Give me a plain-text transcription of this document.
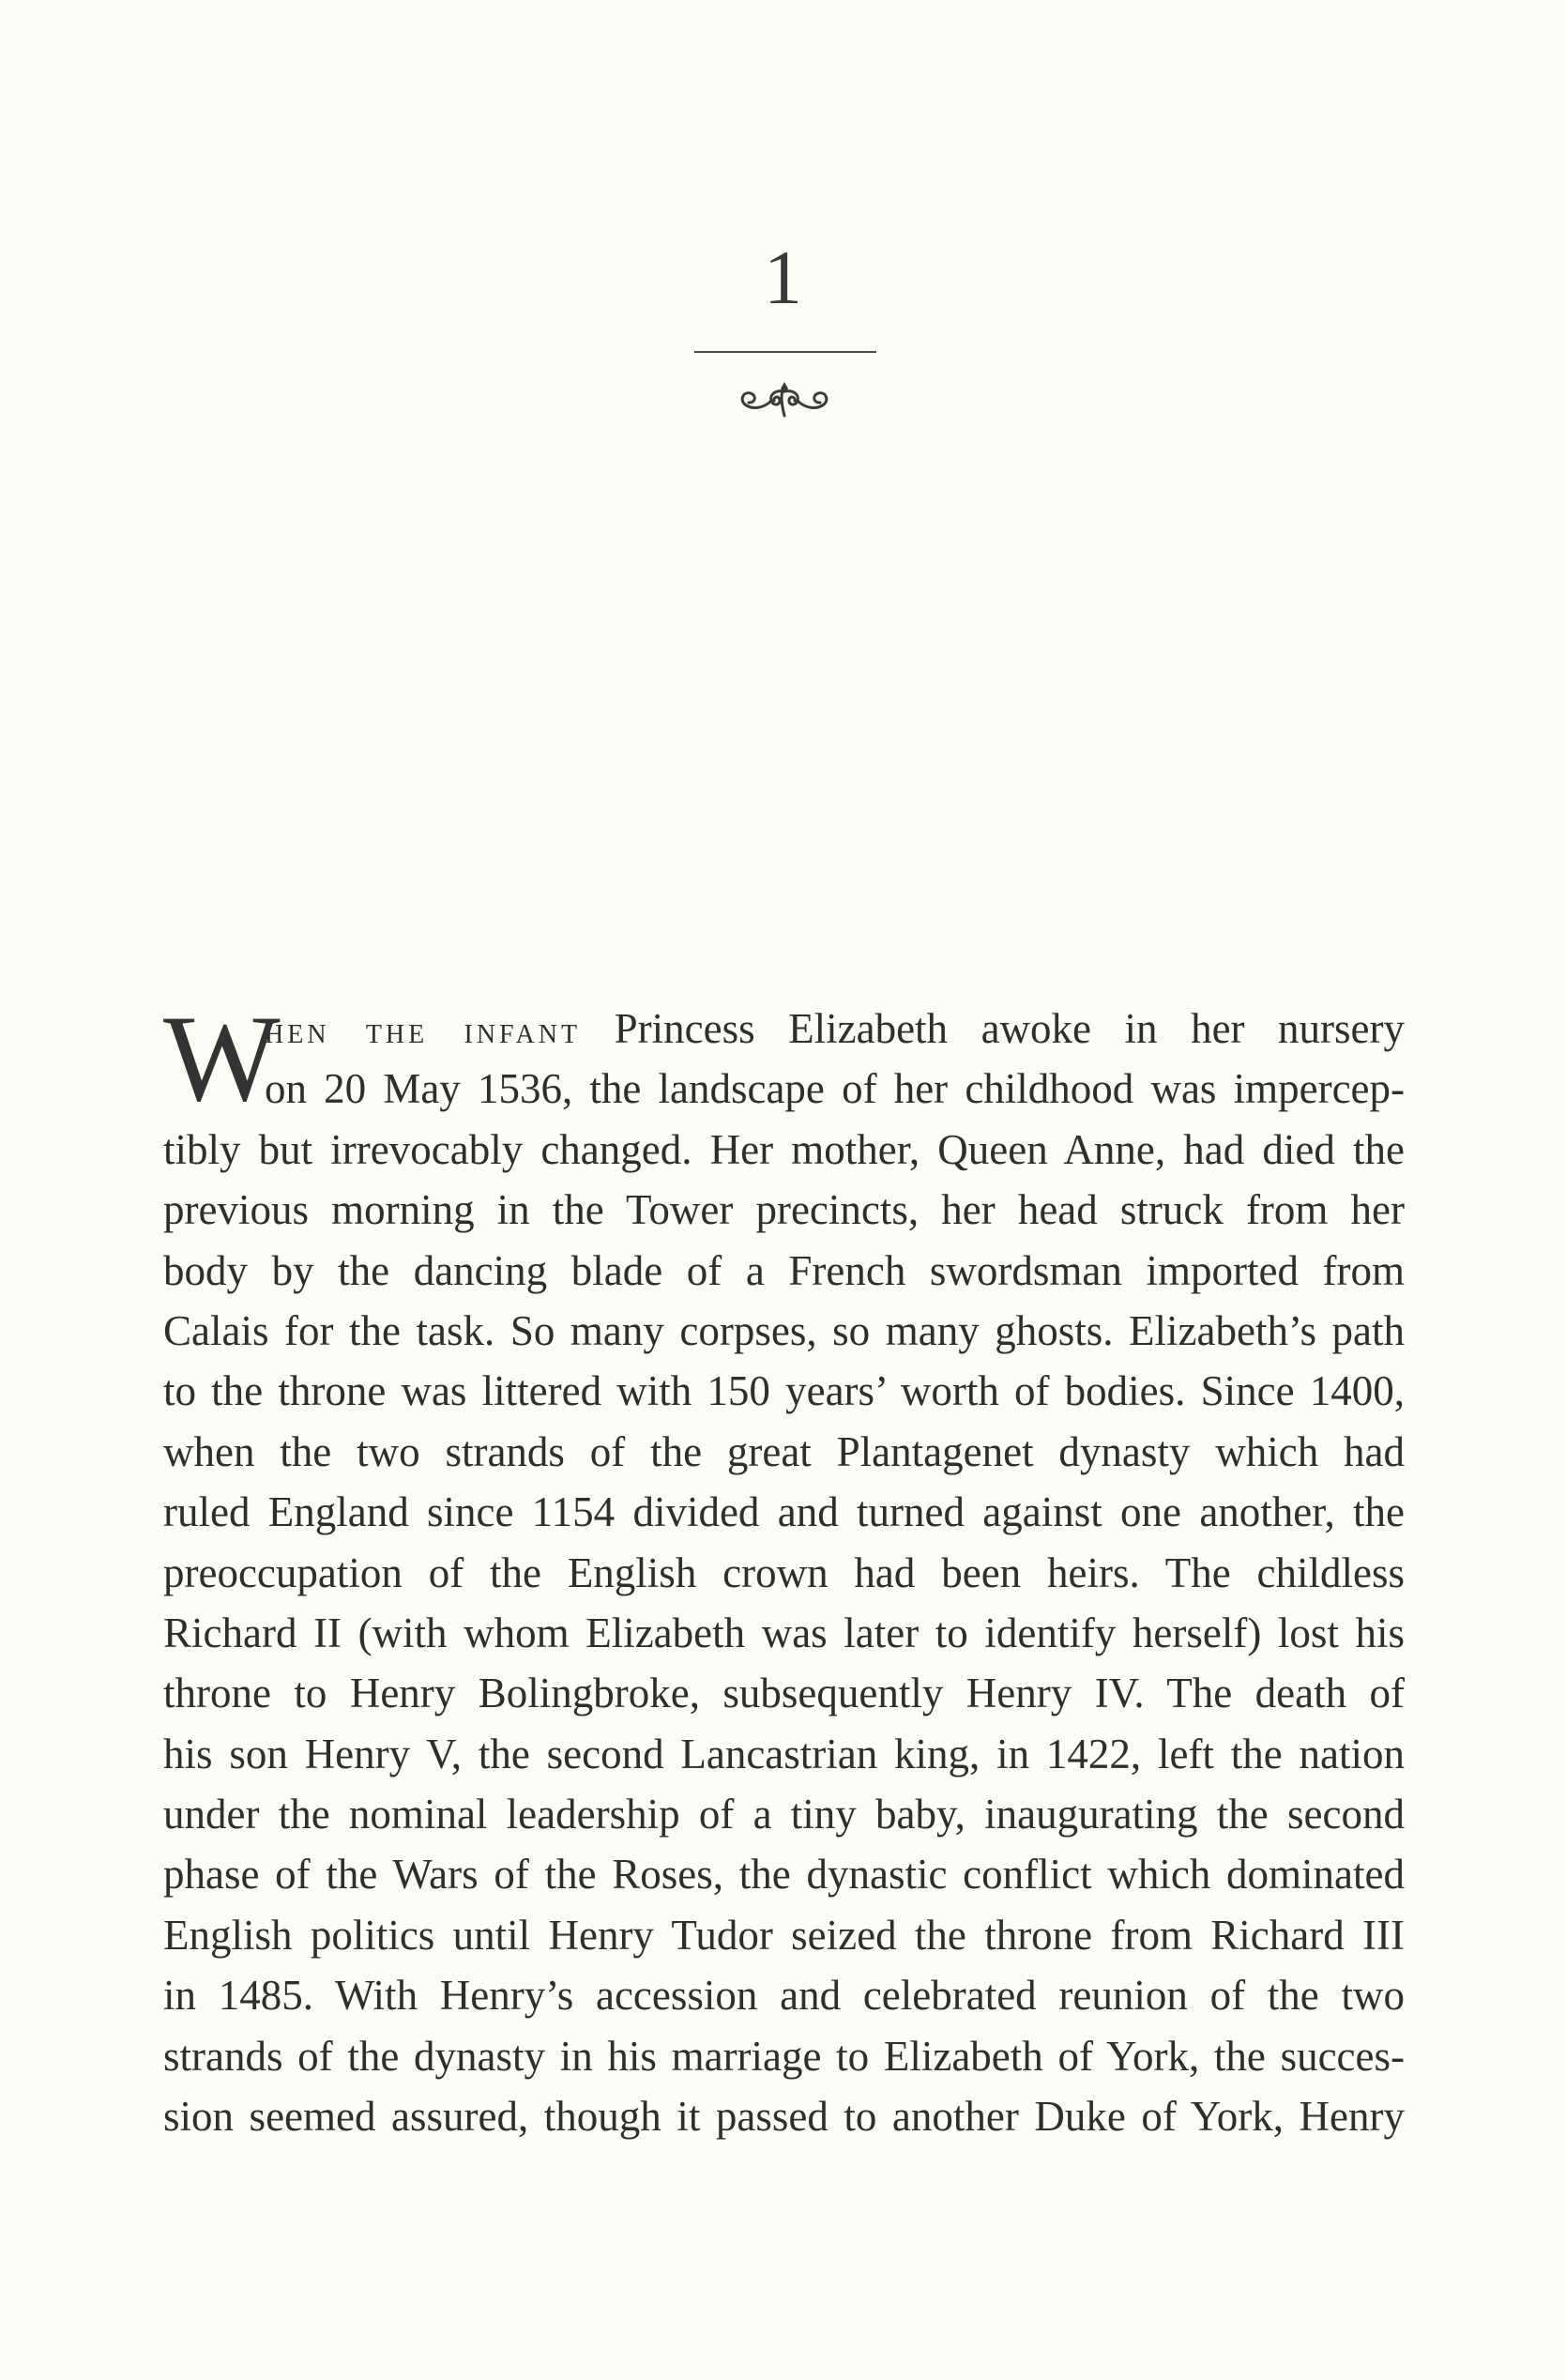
1
W
hen the infant Princess Elizabeth awoke in her nursery
on 20 May 1536, the landscape of her childhood was impercep-
tibly but irrevocably changed. Her mother, Queen Anne, had died the
previous morning in the Tower precincts, her head struck from her
body by the dancing blade of a French swordsman imported from
Calais for the task. So many corpses, so many ghosts. Elizabeth’s path
to the throne was littered with 150 years’ worth of bodies. Since 1400,
when the two strands of the great Plantagenet dynasty which had
ruled England since 1154 divided and turned against one another, the
preoccupation of the English crown had been heirs. The childless
Richard II (with whom Elizabeth was later to identify herself) lost his
throne to Henry Bolingbroke, subsequently Henry IV. The death of
his son Henry V, the second Lancastrian king, in 1422, left the nation
under the nominal leadership of a tiny baby, inaugurating the second
phase of the Wars of the Roses, the dynastic conflict which dominated
English politics until Henry Tudor seized the throne from Richard III
in 1485. With Henry’s accession and celebrated reunion of the two
strands of the dynasty in his marriage to Elizabeth of York, the succes-
sion seemed assured, though it passed to another Duke of York, Henry
